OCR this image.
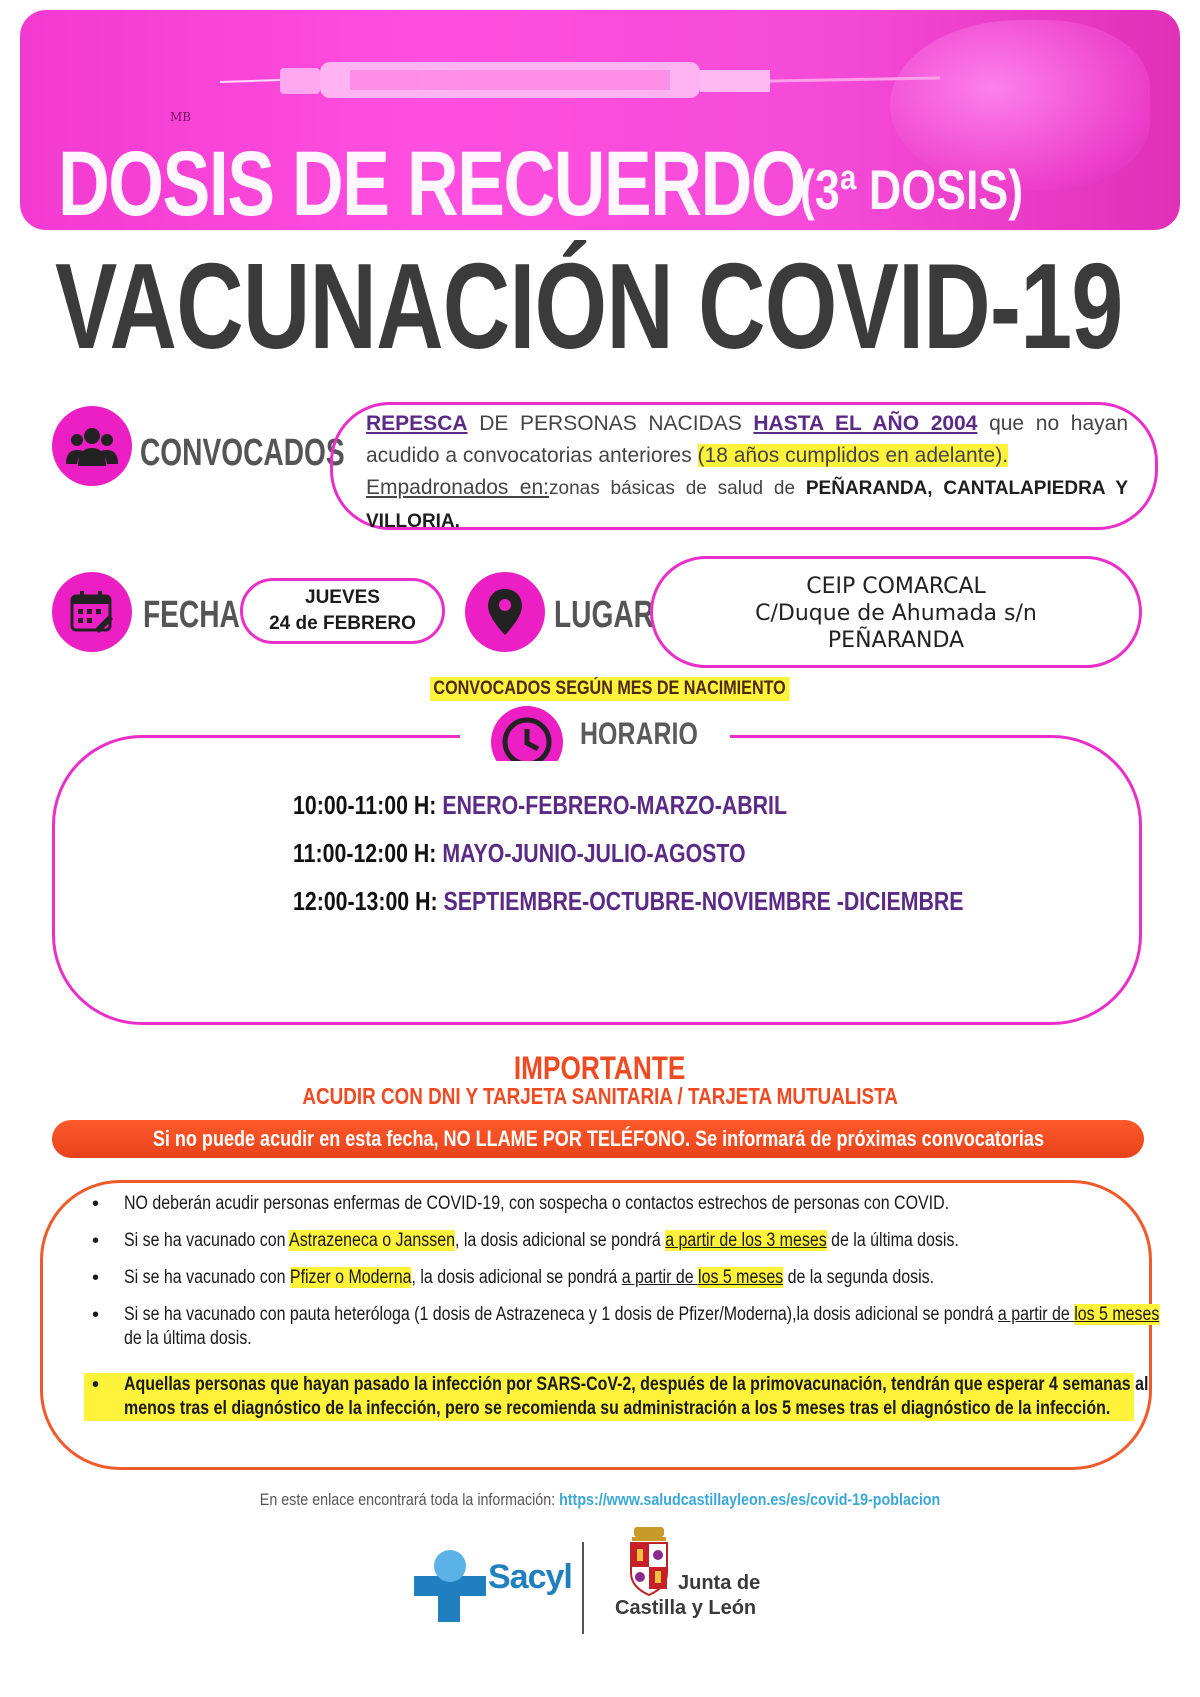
MB
DOSIS DE RECUERDO
(3ª DOSIS)
VACUNACIÓN COVID-19
CONVOCADOS
REPESCA DE PERSONAS NACIDAS HASTA EL AÑO 2004 que no hayan acudido a convocatorias anteriores (18 años cumplidos en adelante).
Empadronados en:zonas básicas de salud de PEÑARANDA, CANTALAPIEDRA Y VILLORIA.
FECHA	JUEVES
24 de FEBRERO	LUGAR
CEIP COMARCAL
C/Duque de Ahumada s/n
PEÑARANDA
CONVOCADOS SEGÚN MES DE NACIMIENTO
HORARIO
10:00-11:00 H: ENERO-FEBRERO-MARZO-ABRIL
11:00-12:00 H: MAYO-JUNIO-JULIO-AGOSTO
12:00-13:00 H: SEPTIEMBRE-OCTUBRE-NOVIEMBRE -DICIEMBRE
IMPORTANTE
ACUDIR CON DNI Y TARJETA SANITARIA / TARJETA MUTUALISTA
Si no puede acudir en esta fecha, NO LLAME POR TELÉFONO. Se informará de próximas convocatorias
• NO deberán acudir personas enfermas de COVID-19, con sospecha o contactos estrechos de personas con COVID.
• Si se ha vacunado con Astrazeneca o Janssen, la dosis adicional se pondrá a partir de los 3 meses de la última dosis.
• Si se ha vacunado con Pfizer o Moderna, la dosis adicional se pondrá a partir de los 5 meses de la segunda dosis.
• Si se ha vacunado con pauta heteróloga (1 dosis de Astrazeneca y 1 dosis de Pfizer/Moderna),la dosis adicional se pondrá a partir de los 5 meses de la última dosis.
• Aquellas personas que hayan pasado la infección por SARS-CoV-2, después de la primovacunación, tendrán que esperar 4 semanas al menos tras el diagnóstico de la infección, pero se recomienda su administración a los 5 meses tras el diagnóstico de la infección.
En este enlace encontrará toda la información: https://www.saludcastillayleon.es/es/covid-19-poblacion
Sacyl	Junta de
Castilla y León
